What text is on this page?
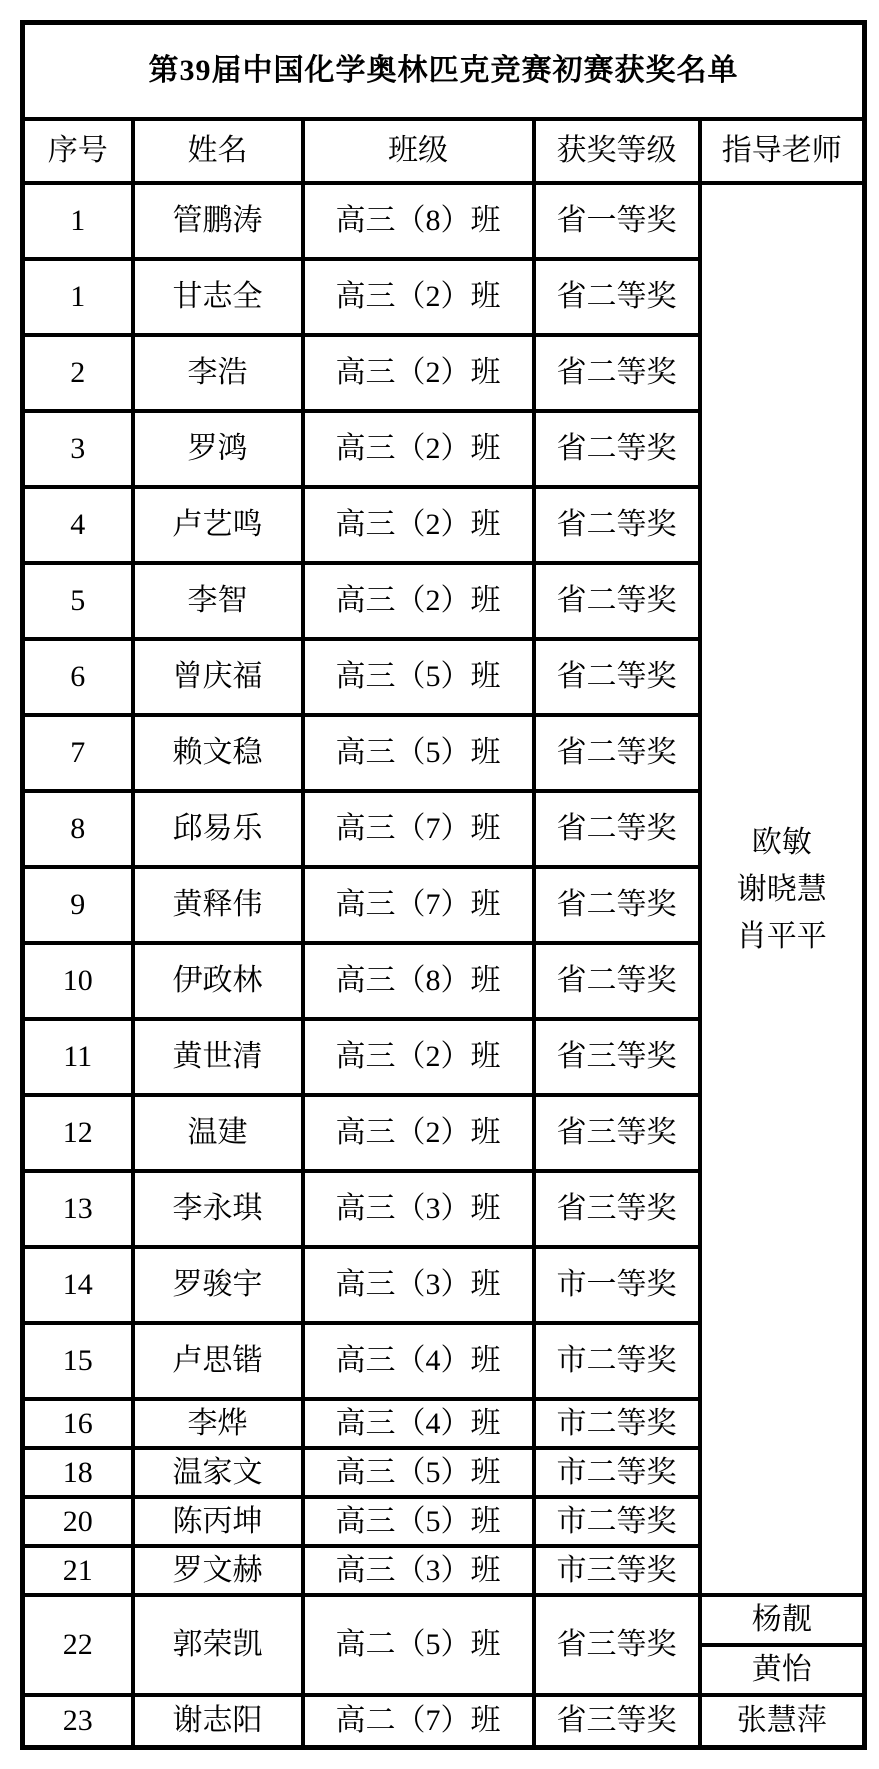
第39届中国化学奥林匹克竞赛初赛获奖名单				
序号	姓名	班级	获奖等级	指导老师
1	管鹏涛	高三（8）班	省一等奖	欧敏
谢晓慧
肖平平

1	甘志全	高三（2）班	省二等奖	
2	李浩	高三（2）班	省二等奖	
3	罗鸿	高三（2）班	省二等奖	
4	卢艺鸣	高三（2）班	省二等奖	
5	李智	高三（2）班	省二等奖	
6	曾庆福	高三（5）班	省二等奖	
7	赖文稳	高三（5）班	省二等奖	
8	邱易乐	高三（7）班	省二等奖	
9	黄释伟	高三（7）班	省二等奖	
10	伊政林	高三（8）班	省二等奖	
11	黄世清	高三（2）班	省三等奖	
12	温建	高三（2）班	省三等奖	
13	李永琪	高三（3）班	省三等奖	
14	罗骏宇	高三（3）班	市一等奖	
15	卢思锴	高三（4）班	市二等奖	
16	李烨	高三（4）班	市二等奖	
18	温家文	高三（5）班	市二等奖	
20	陈丙坤	高三（5）班	市二等奖	
21	罗文赫	高三（3）班	市三等奖	
22	郭荣凯	高二（5）班	省三等奖	杨靓
				黄怡
23	谢志阳	高二（7）班	省三等奖	张慧萍
